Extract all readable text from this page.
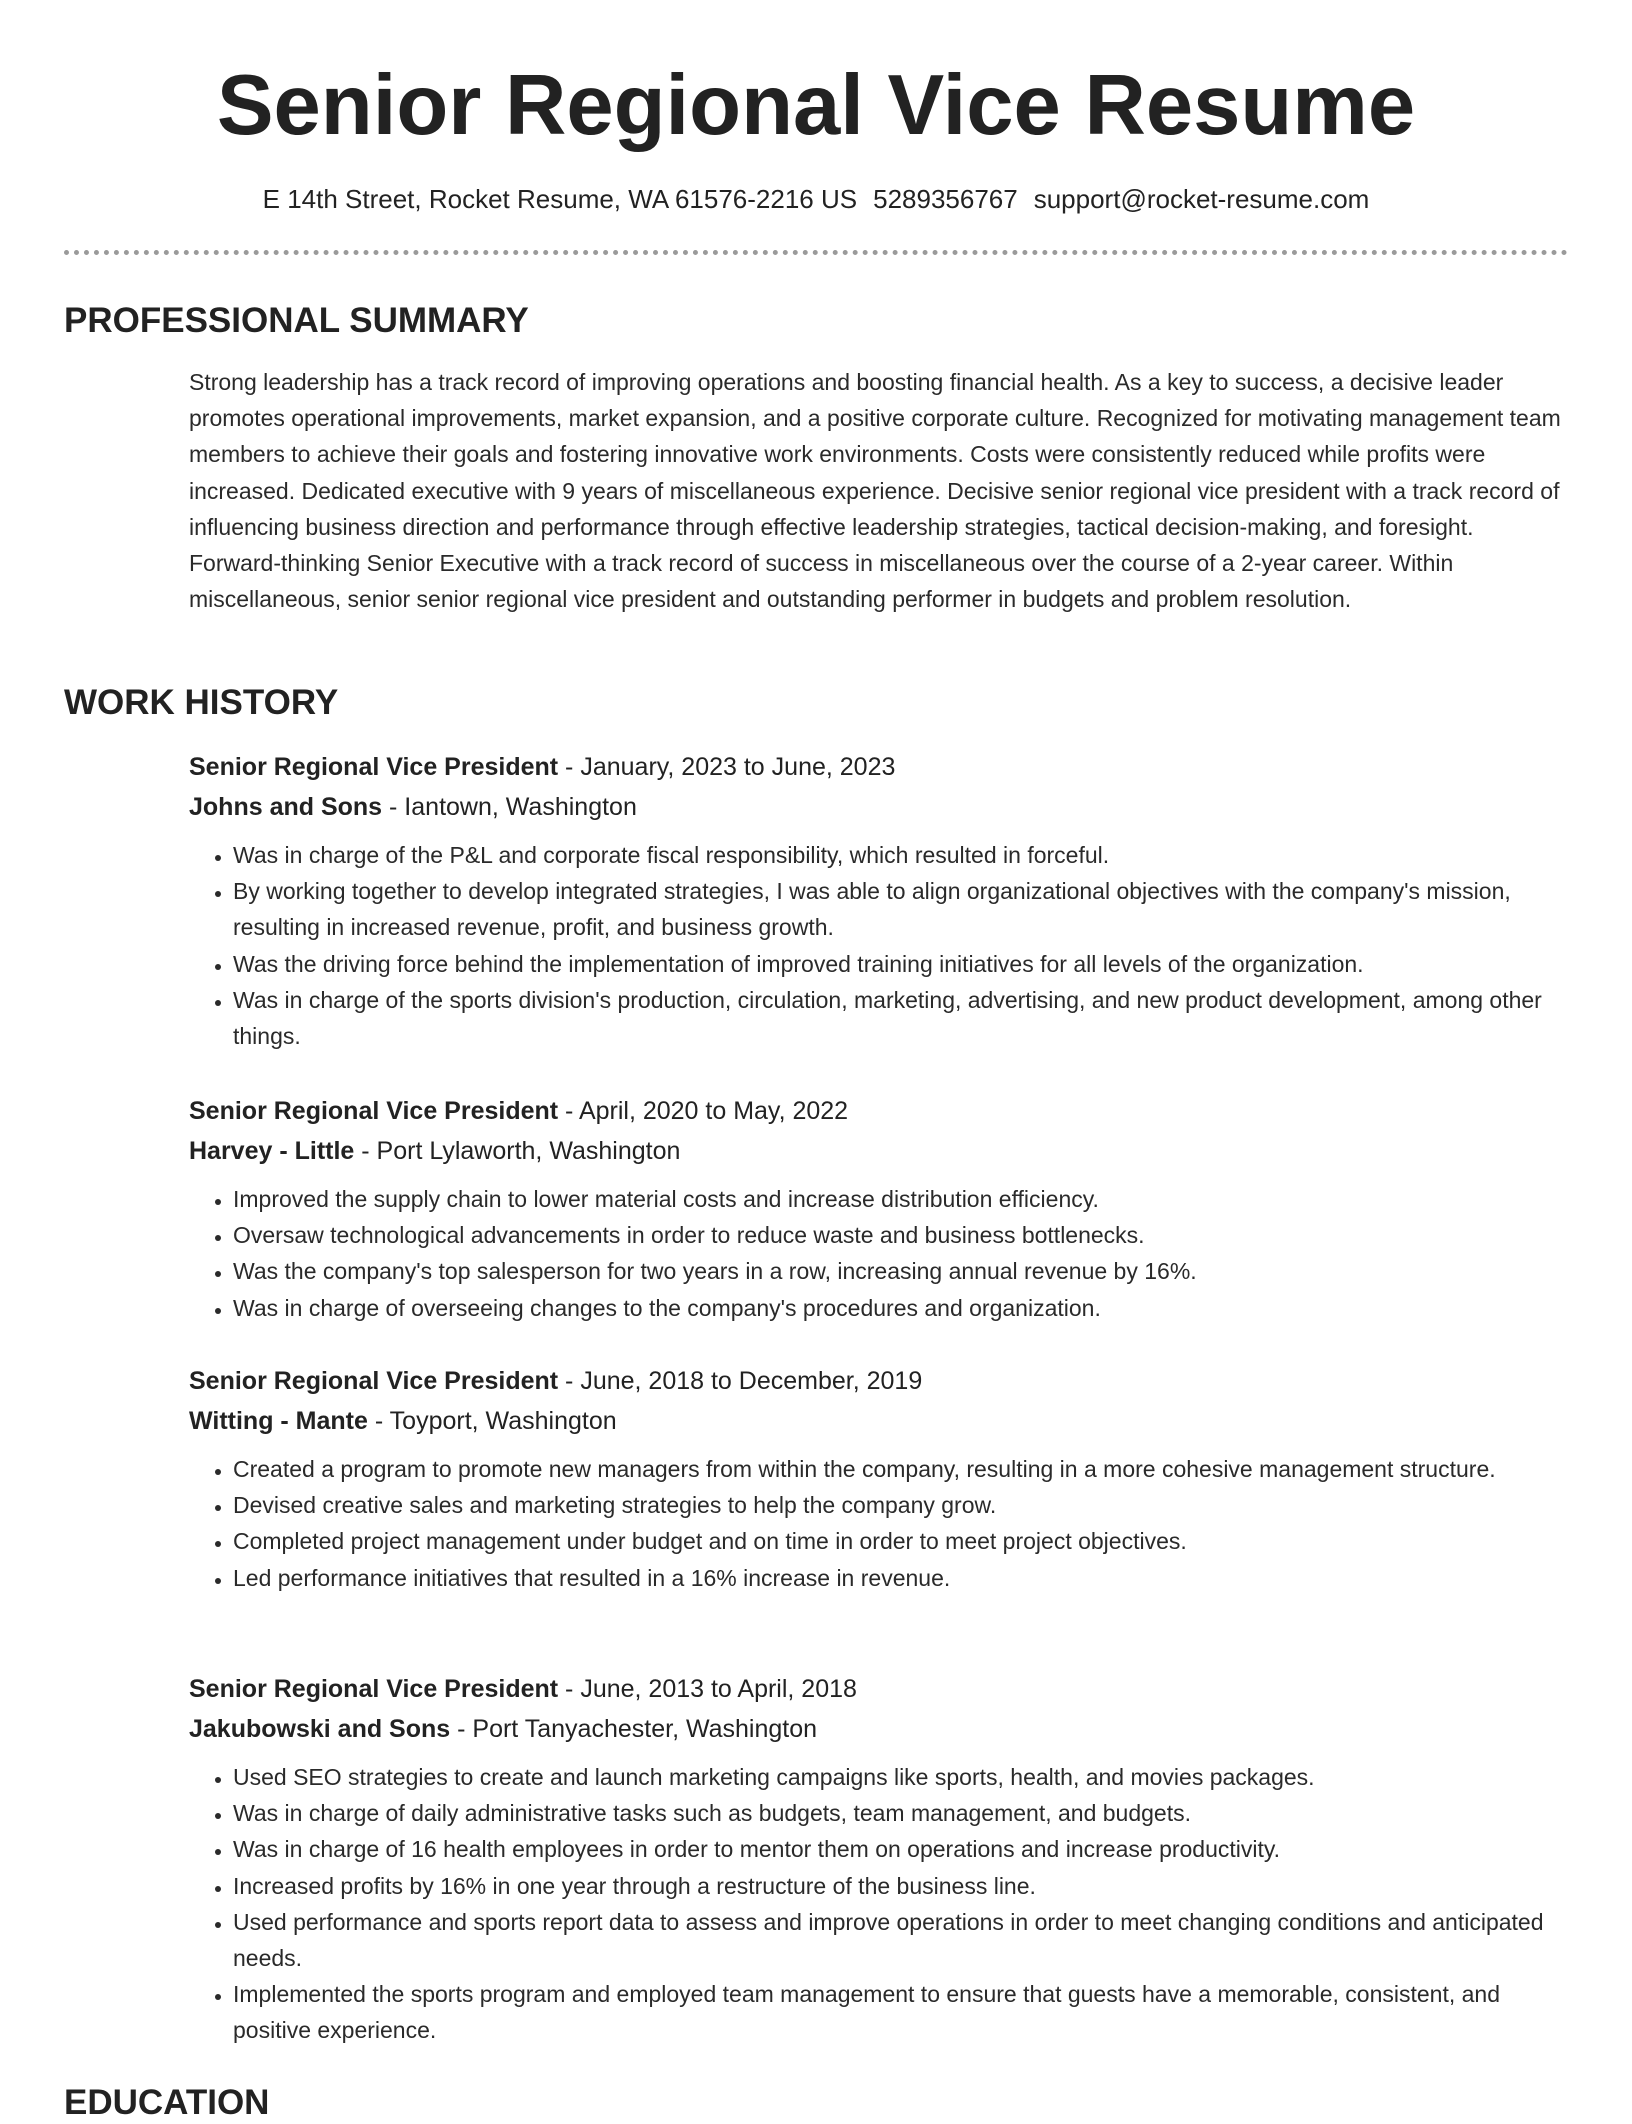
Senior Regional Vice Resume
E 14th Street, Rocket Resume, WA 61576-2216 US 5289356767 support@rocket-resume.com
PROFESSIONAL SUMMARY
Strong leadership has a track record of improving operations and boosting financial health. As a key to success, a decisive leader promotes operational improvements, market expansion, and a positive corporate culture. Recognized for motivating management team members to achieve their goals and fostering innovative work environments. Costs were consistently reduced while profits were increased. Dedicated executive with 9 years of miscellaneous experience. Decisive senior regional vice president with a track record of influencing business direction and performance through effective leadership strategies, tactical decision-making, and foresight. Forward-thinking Senior Executive with a track record of success in miscellaneous over the course of a 2-year career. Within miscellaneous, senior senior regional vice president and outstanding performer in budgets and problem resolution.
WORK HISTORY
Senior Regional Vice President - January, 2023 to June, 2023
Johns and Sons - Iantown, Washington
• Was in charge of the P&L and corporate fiscal responsibility, which resulted in forceful.
• By working together to develop integrated strategies, I was able to align organizational objectives with the company's mission, resulting in increased revenue, profit, and business growth.
• Was the driving force behind the implementation of improved training initiatives for all levels of the organization.
• Was in charge of the sports division's production, circulation, marketing, advertising, and new product development, among other things.
Senior Regional Vice President - April, 2020 to May, 2022
Harvey - Little - Port Lylaworth, Washington
• Improved the supply chain to lower material costs and increase distribution efficiency.
• Oversaw technological advancements in order to reduce waste and business bottlenecks.
• Was the company's top salesperson for two years in a row, increasing annual revenue by 16%.
• Was in charge of overseeing changes to the company's procedures and organization.
Senior Regional Vice President - June, 2018 to December, 2019
Witting - Mante - Toyport, Washington
• Created a program to promote new managers from within the company, resulting in a more cohesive management structure.
• Devised creative sales and marketing strategies to help the company grow.
• Completed project management under budget and on time in order to meet project objectives.
• Led performance initiatives that resulted in a 16% increase in revenue.
Senior Regional Vice President - June, 2013 to April, 2018
Jakubowski and Sons - Port Tanyachester, Washington
• Used SEO strategies to create and launch marketing campaigns like sports, health, and movies packages.
• Was in charge of daily administrative tasks such as budgets, team management, and budgets.
• Was in charge of 16 health employees in order to mentor them on operations and increase productivity.
• Increased profits by 16% in one year through a restructure of the business line.
• Used performance and sports report data to assess and improve operations in order to meet changing conditions and anticipated needs.
• Implemented the sports program and employed team management to ensure that guests have a memorable, consistent, and positive experience.
EDUCATION
